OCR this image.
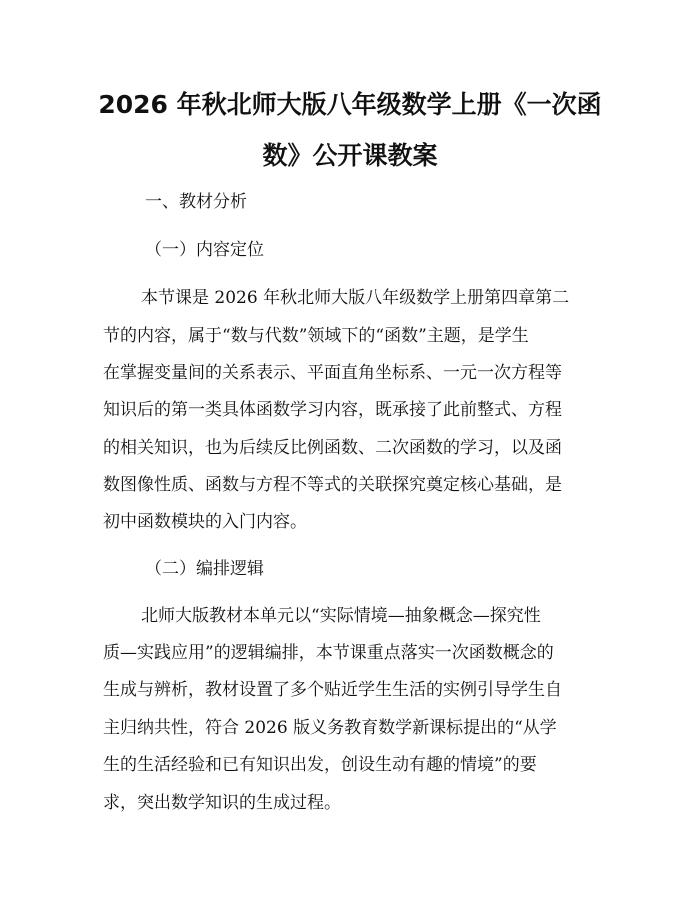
2026 年秋北师大版八年级数学上册《一次函
数》公开课教案
一、教材分析
（一）内容定位
本节课是 2026 年秋北师大版八年级数学上册第四章第二
节的内容，属于“数与代数”领域下的“函数”主题，是学生
在掌握变量间的关系表示、平面直角坐标系、一元一次方程等
知识后的第一类具体函数学习内容，既承接了此前整式、方程
的相关知识，也为后续反比例函数、二次函数的学习，以及函
数图像性质、函数与方程不等式的关联探究奠定核心基础，是
初中函数模块的入门内容。
（二）编排逻辑
北师大版教材本单元以“实际情境—抽象概念—探究性
质—实践应用”的逻辑编排，本节课重点落实一次函数概念的
生成与辨析，教材设置了多个贴近学生生活的实例引导学生自
主归纳共性，符合 2026 版义务教育数学新课标提出的“从学
生的生活经验和已有知识出发，创设生动有趣的情境”的要
求，突出数学知识的生成过程。
